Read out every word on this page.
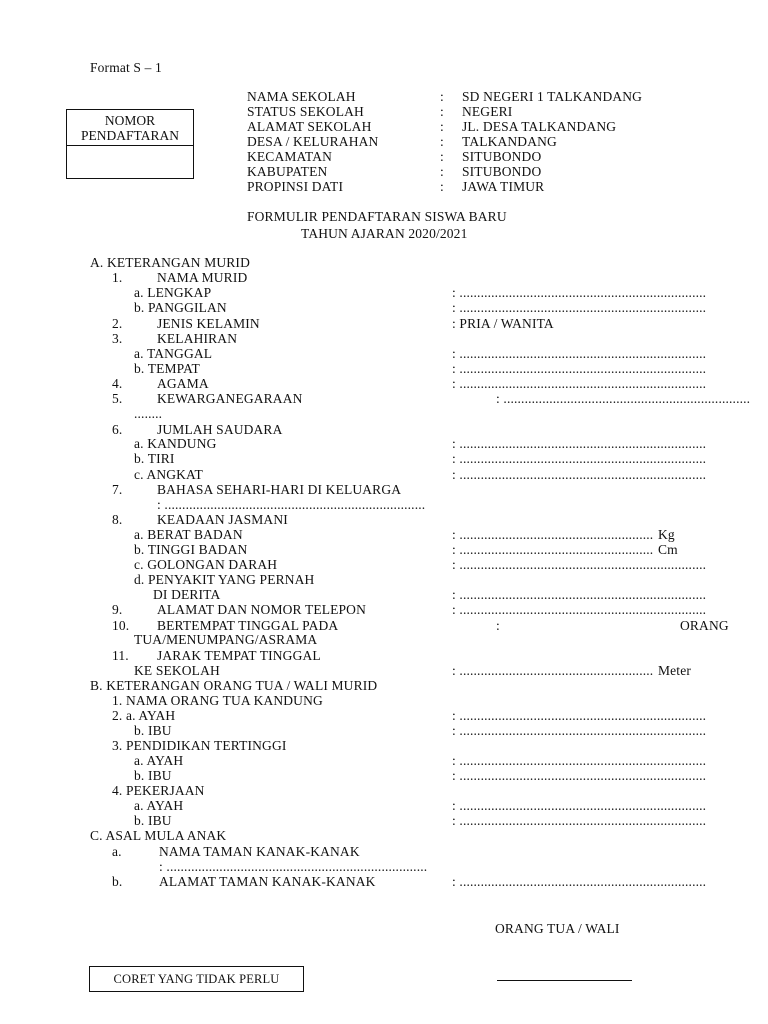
Format S – 1
NOMOR
PENDAFTARAN
NAMA SEKOLAH	: SD NEGERI 1 TALKANDANG
STATUS SEKOLAH	: NEGERI
ALAMAT SEKOLAH	: JL. DESA TALKANDANG
DESA / KELURAHAN	: TALKANDANG
KECAMATAN	: SITUBONDO
KABUPATEN	: SITUBONDO
PROPINSI DATI	: JAWA TIMUR
FORMULIR PENDAFTARAN SISWA BARU
TAHUN AJARAN 2020/2021
A. KETERANGAN MURID
1.	NAMA MURID
a. LENGKAP	: ......................................................................
b. PANGGILAN	: ......................................................................
2.	JENIS KELAMIN	: PRIA / WANITA
3.	KELAHIRAN
a. TANGGAL	: ......................................................................
b. TEMPAT	: ......................................................................
4.	AGAMA	: ......................................................................
5.	KEWARGANEGARAAN	: ......................................................................
........
6.	JUMLAH SAUDARA
a. KANDUNG	: ......................................................................
b. TIRI	: ......................................................................
c. ANGKAT	: ......................................................................
7.	BAHASA SEHARI-HARI DI KELUARGA
: ..........................................................................
8.	KEADAAN JASMANI
a. BERAT BADAN	: ....................................................... Kg
b. TINGGI BADAN	: ....................................................... Cm
c. GOLONGAN DARAH	: ......................................................................
d. PENYAKIT YANG PERNAH
DI DERITA	: ......................................................................
9.	ALAMAT DAN NOMOR TELEPON	: ......................................................................
10. BERTEMPAT TINGGAL PADA	:	ORANG
TUA/MENUMPANG/ASRAMA
11. JARAK TEMPAT TINGGAL
KE SEKOLAH	: ....................................................... Meter
B. KETERANGAN ORANG TUA / WALI MURID
1. NAMA ORANG TUA KANDUNG
2. a. AYAH	: ......................................................................
b. IBU	: ......................................................................
3. PENDIDIKAN TERTINGGI
a. AYAH	: ......................................................................
b. IBU	: ......................................................................
4. PEKERJAAN
a. AYAH	: ......................................................................
b. IBU	: ......................................................................
C. ASAL MULA ANAK
a.	NAMA TAMAN KANAK-KANAK
: ..........................................................................
b.	ALAMAT TAMAN KANAK-KANAK	: ......................................................................
ORANG TUA / WALI
CORET YANG TIDAK PERLU
